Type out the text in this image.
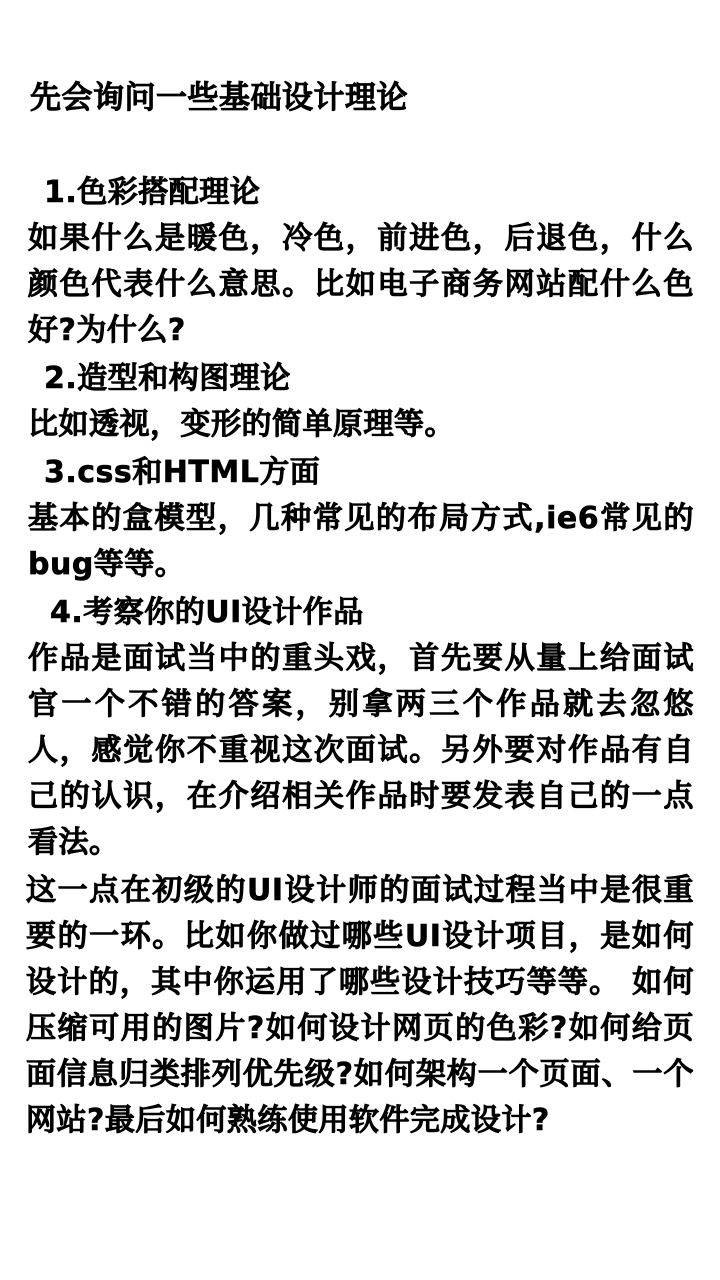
先会询问一些基础设计理论
1.色彩搭配理论
如果什么是暖色，冷色，前进色，后退色，什么颜色代表什么意思。比如电子商务网站配什么色好?为什么?
2.造型和构图理论
比如透视，变形的简单原理等。
3.css和HTML方面
基本的盒模型，几种常见的布局方式,ie6常见的bug等等。
4.考察你的UI设计作品
作品是面试当中的重头戏，首先要从量上给面试官一个不错的答案，别拿两三个作品就去忽悠人，感觉你不重视这次面试。另外要对作品有自己的认识，在介绍相关作品时要发表自己的一点看法。
这一点在初级的UI设计师的面试过程当中是很重要的一环。比如你做过哪些UI设计项目，是如何设计的，其中你运用了哪些设计技巧等等。 如何压缩可用的图片?如何设计网页的色彩?如何给页面信息归类排列优先级?如何架构一个页面、一个网站?最后如何熟练使用软件完成设计?
